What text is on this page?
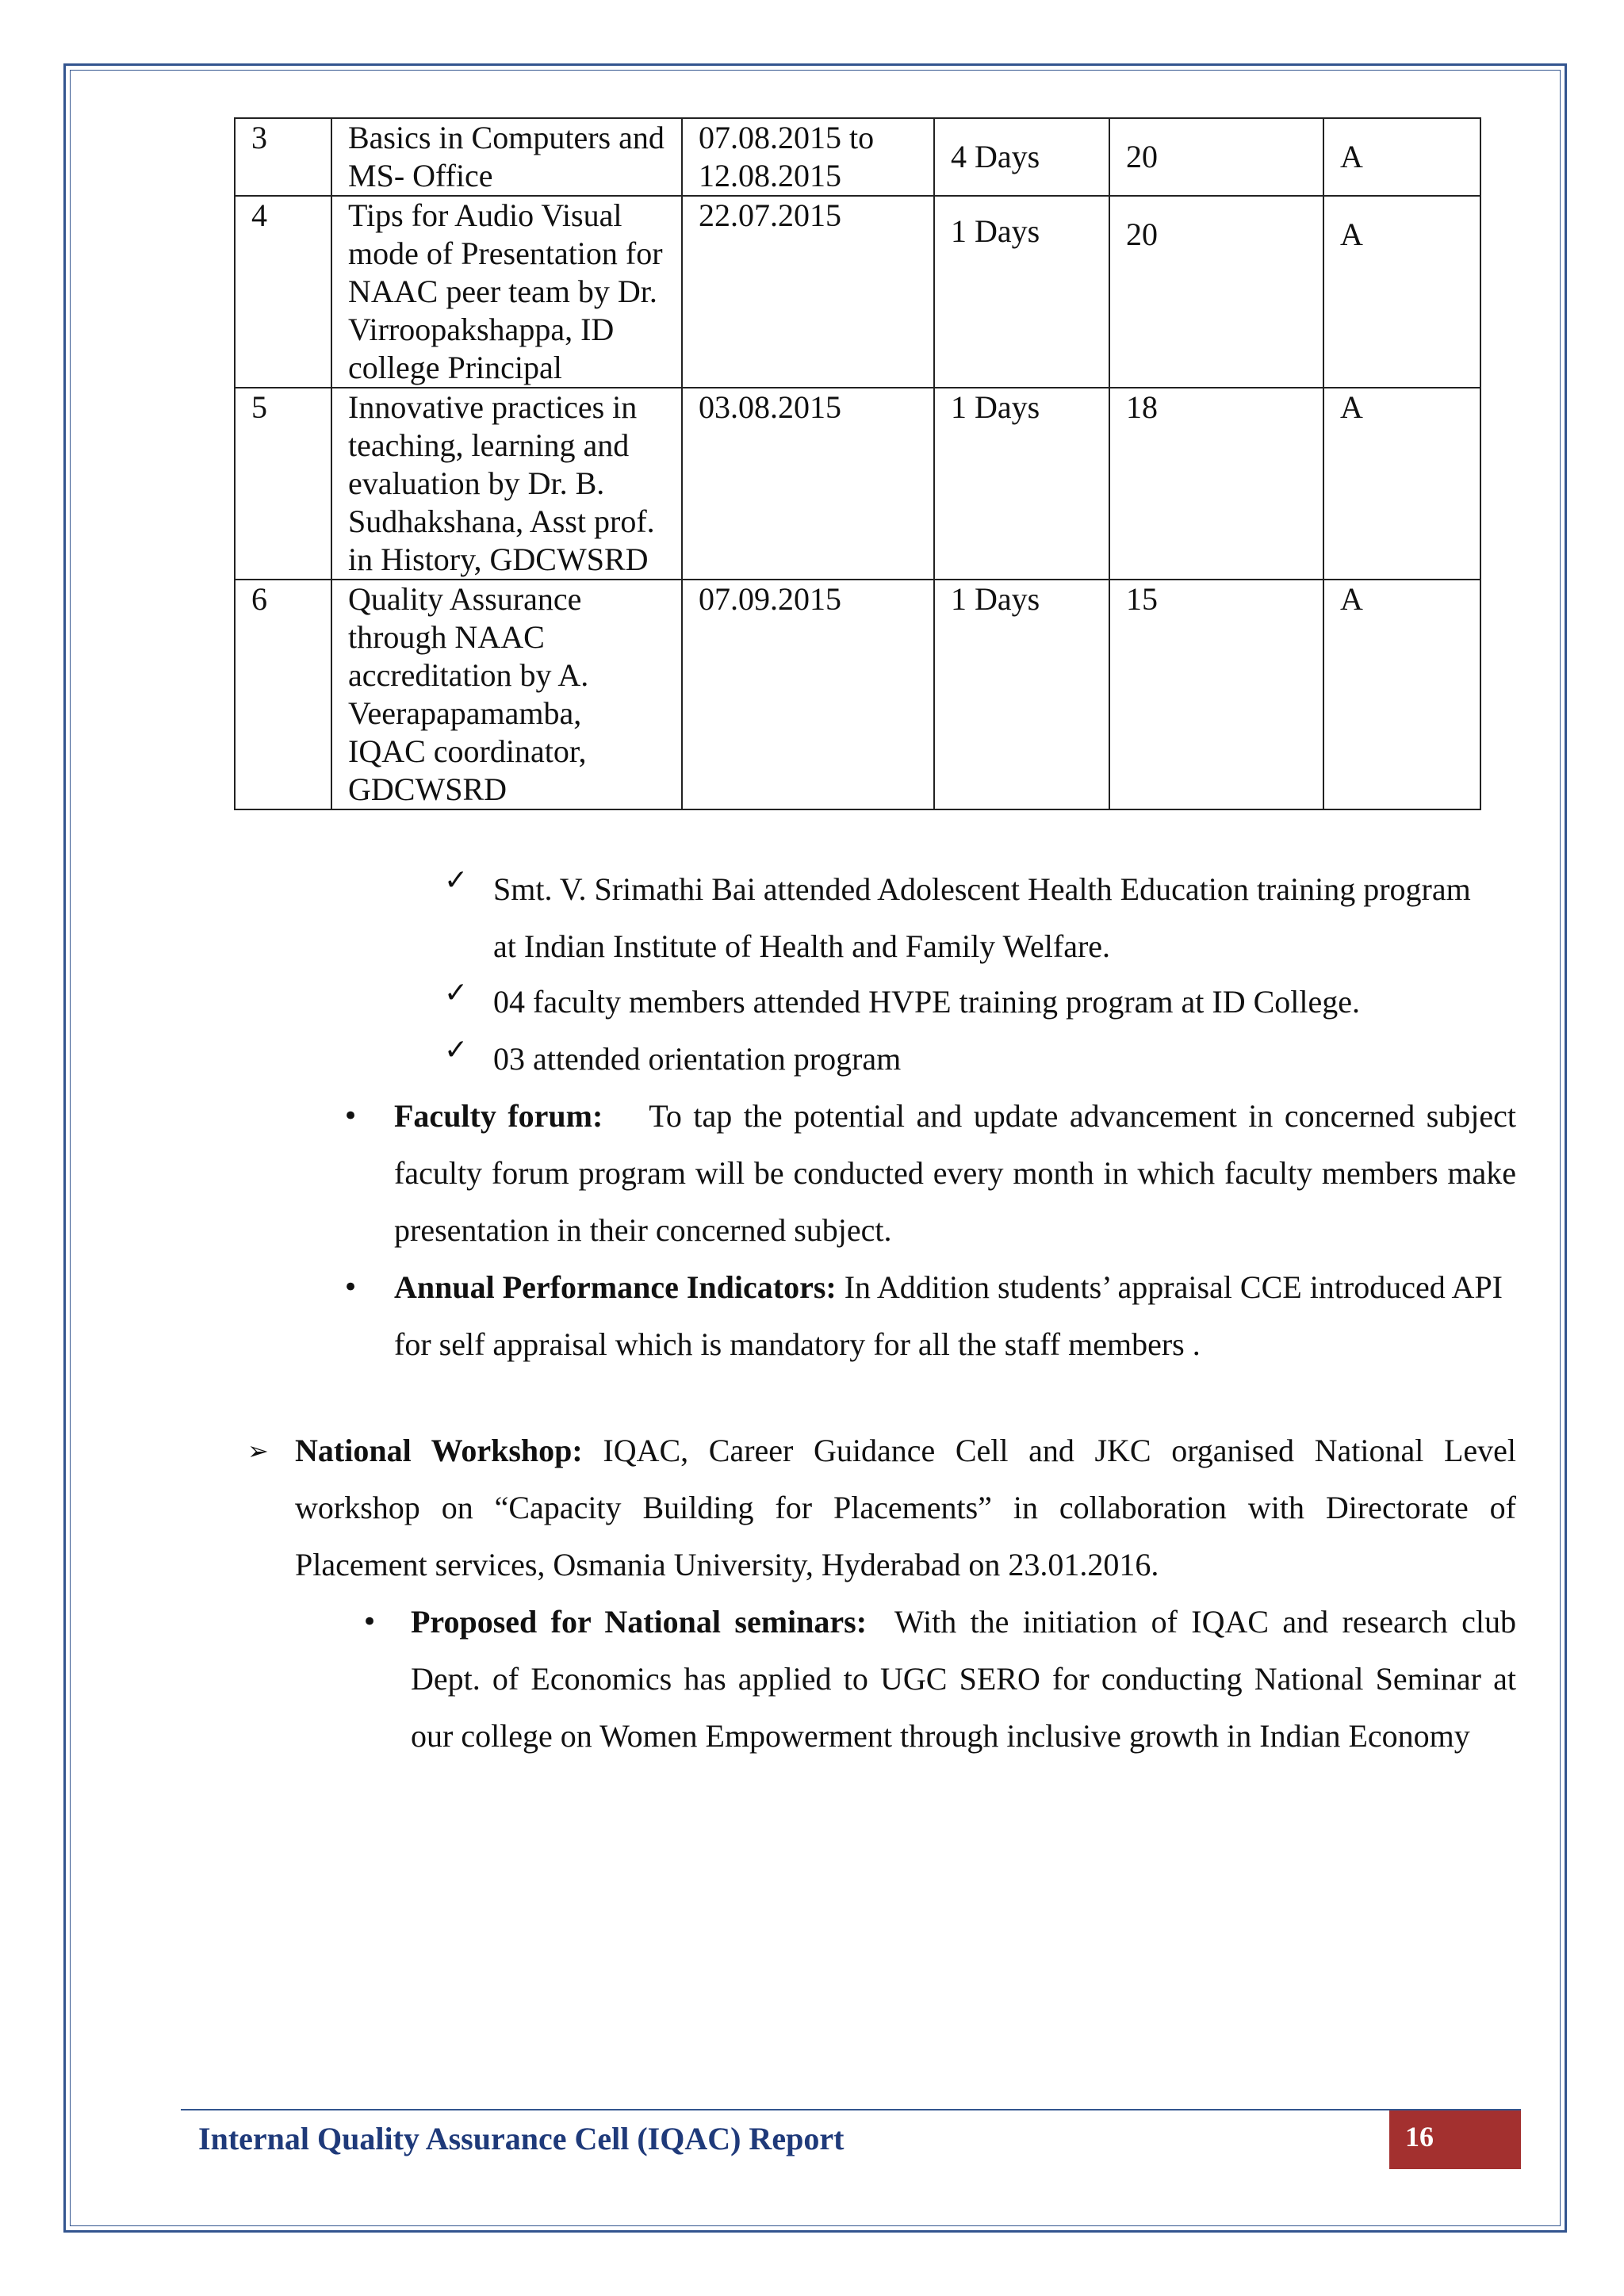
3	Basics in Computers and MS- Office	07.08.2015 to 12.08.2015	4 Days	20	A
4	Tips for Audio Visual mode of Presentation for NAAC peer team by Dr. Virroopakshappa, ID college Principal	22.07.2015	1 Days	20	A
5	Innovative practices in teaching, learning and evaluation by Dr. B. Sudhakshana, Asst prof. in History, GDCWSRD	03.08.2015	1 Days	18	A
6	Quality Assurance through NAAC accreditation by A. Veerapapamamba, IQAC coordinator, GDCWSRD	07.09.2015	1 Days	15	A
✓ Smt. V. Srimathi Bai attended Adolescent Health Education training program
at Indian Institute of Health and Family Welfare.
✓ 04 faculty members attended HVPE training program at ID College.
✓ 03 attended orientation program
• Faculty forum: To tap the potential and update advancement in concerned subject faculty forum program will be conducted every month in which faculty members make presentation in their concerned subject.
• Annual Performance Indicators: In Addition students’ appraisal CCE introduced API for self appraisal which is mandatory for all the staff members .
➢ National Workshop: IQAC, Career Guidance Cell and JKC organised National Level workshop on “Capacity Building for Placements” in collaboration with Directorate of Placement services, Osmania University, Hyderabad on 23.01.2016.
• Proposed for National seminars: With the initiation of IQAC and research club Dept. of Economics has applied to UGC SERO for conducting National Seminar at our college on Women Empowerment through inclusive growth in Indian Economy
Internal Quality Assurance Cell (IQAC) Report	16
